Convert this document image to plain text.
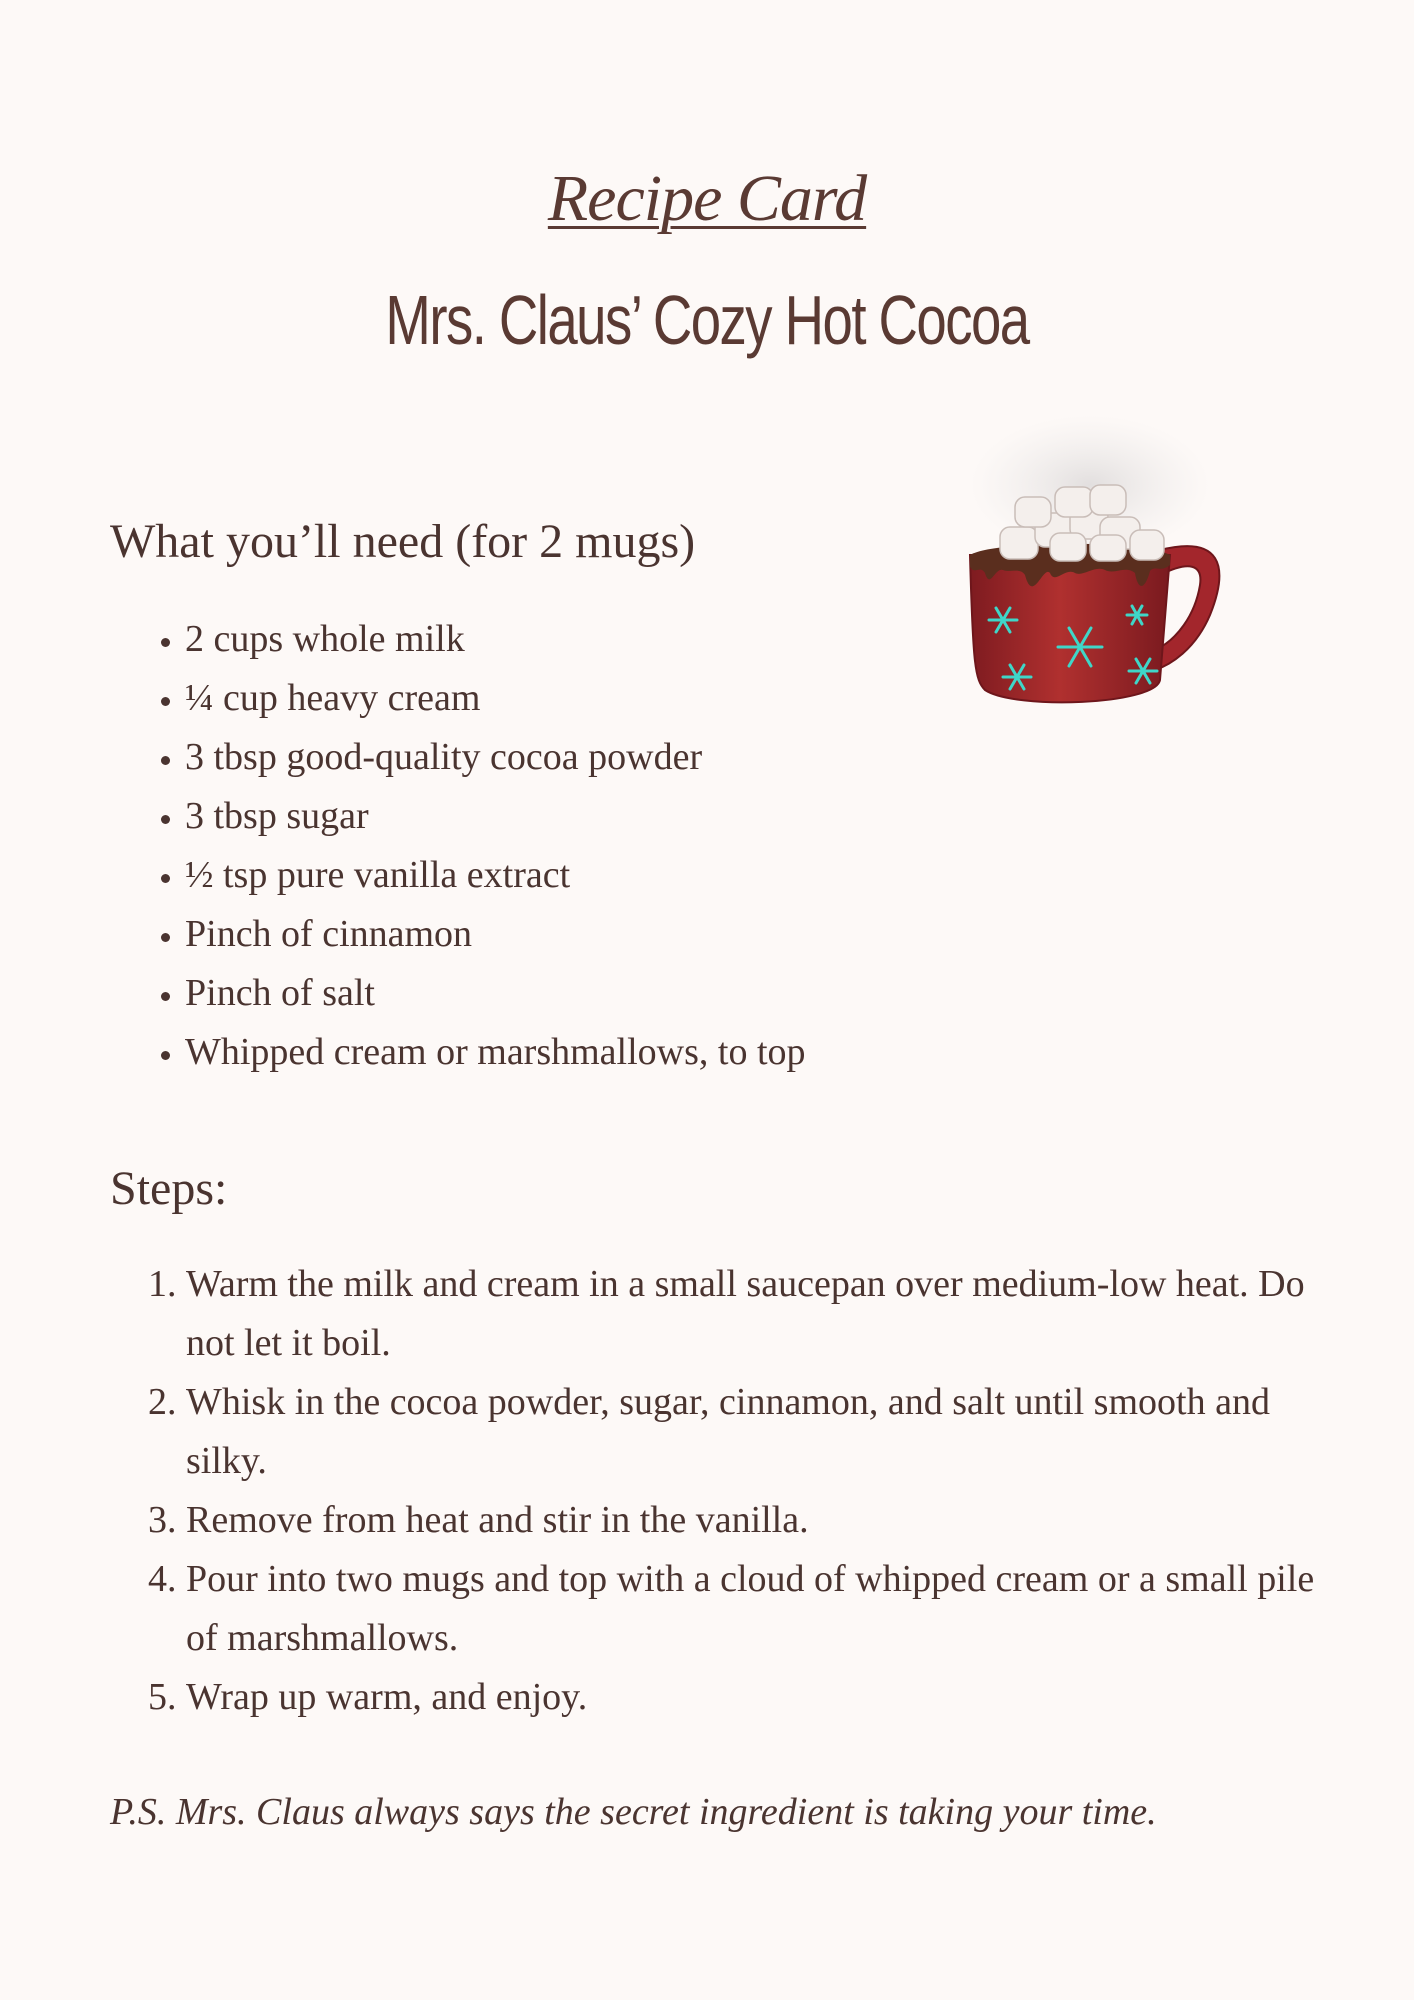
Recipe Card
Mrs. Claus’ Cozy Hot Cocoa
What you’ll need (for 2 mugs)
• 2 cups whole milk
• ¼ cup heavy cream
• 3 tbsp good-quality cocoa powder
• 3 tbsp sugar
• ½ tsp pure vanilla extract
• Pinch of cinnamon
• Pinch of salt
• Whipped cream or marshmallows, to top
Steps:
1. Warm the milk and cream in a small saucepan over medium-low heat. Do not let it boil.
2. Whisk in the cocoa powder, sugar, cinnamon, and salt until smooth and silky.
3. Remove from heat and stir in the vanilla.
4. Pour into two mugs and top with a cloud of whipped cream or a small pile of marshmallows.
5. Wrap up warm, and enjoy.
P.S. Mrs. Claus always says the secret ingredient is taking your time.
